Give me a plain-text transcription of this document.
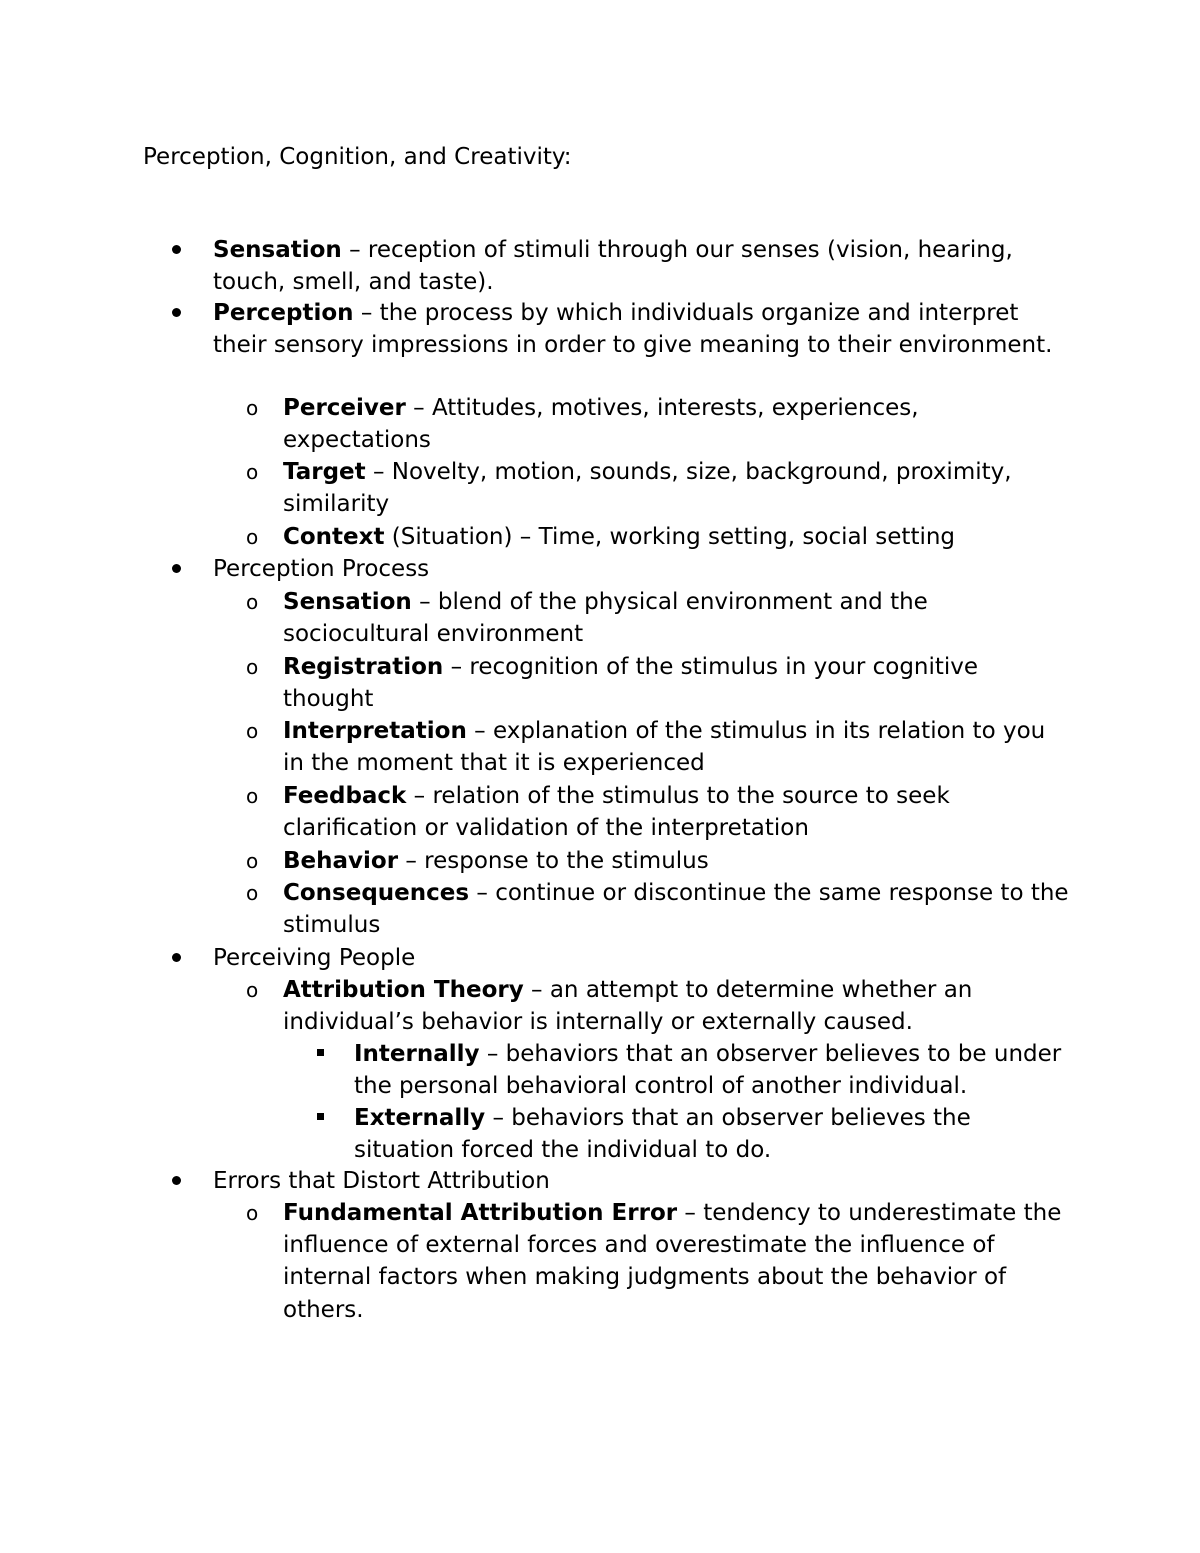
Perception, Cognition, and Creativity:

Sensation – reception of stimuli through our senses (vision, hearing, touch, smell, and taste).

Perception – the process by which individuals organize and interpret their sensory impressions in order to give meaning to their environment.

o Perceiver – Attitudes, motives, interests, experiences, expectations

o Target – Novelty, motion, sounds, size, background, proximity, similarity

o Context (Situation) – Time, working setting, social setting

Perception Process

o Sensation – blend of the physical environment and the sociocultural environment

o Registration – recognition of the stimulus in your cognitive thought

o Interpretation – explanation of the stimulus in its relation to you in the moment that it is experienced

o Feedback – relation of the stimulus to the source to seek clarification or validation of the interpretation

o Behavior – response to the stimulus

o Consequences – continue or discontinue the same response to the stimulus

Perceiving People

o Attribution Theory – an attempt to determine whether an individual’s behavior is internally or externally caused.

Internally – behaviors that an observer believes to be under the personal behavioral control of another individual.

Externally – behaviors that an observer believes the situation forced the individual to do.

Errors that Distort Attribution

o Fundamental Attribution Error – tendency to underestimate the influence of external forces and overestimate the influence of internal factors when making judgments about the behavior of others.
